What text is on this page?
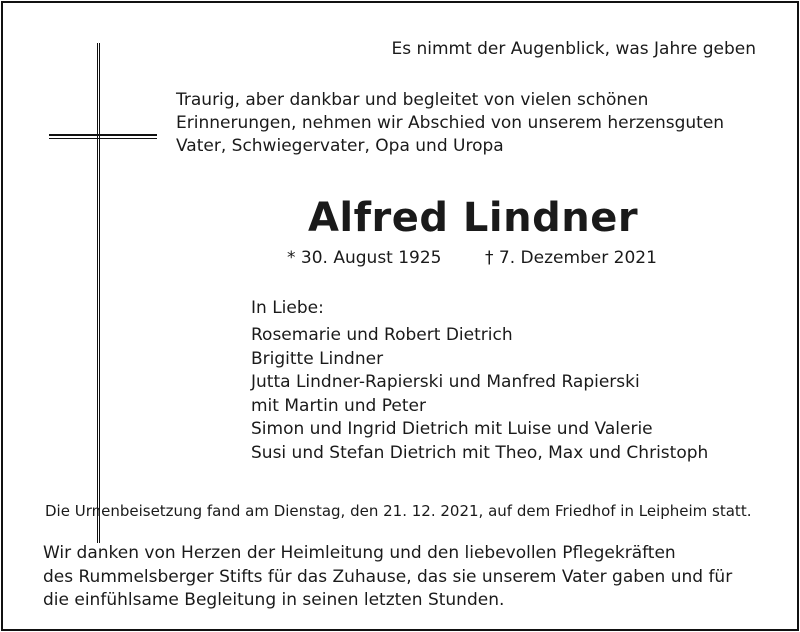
Es nimmt der Augenblick, was Jahre geben
Traurig, aber dankbar und begleitet von vielen schönen
Erinnerungen, nehmen wir Abschied von unserem herzensguten
Vater, Schwiegervater, Opa und Uropa
Alfred Lindner
* 30. August 1925	† 7. Dezember 2021
In Liebe:
Rosemarie und Robert Dietrich
Brigitte Lindner
Jutta Lindner-Rapierski und Manfred Rapierski
mit Martin und Peter
Simon und Ingrid Dietrich mit Luise und Valerie
Susi und Stefan Dietrich mit Theo, Max und Christoph
Die Urnenbeisetzung fand am Dienstag, den 21. 12. 2021, auf dem Friedhof in Leipheim statt.
Wir danken von Herzen der Heimleitung und den liebevollen Pflegekräften
des Rummelsberger Stifts für das Zuhause, das sie unserem Vater gaben und für
die einfühlsame Begleitung in seinen letzten Stunden.
